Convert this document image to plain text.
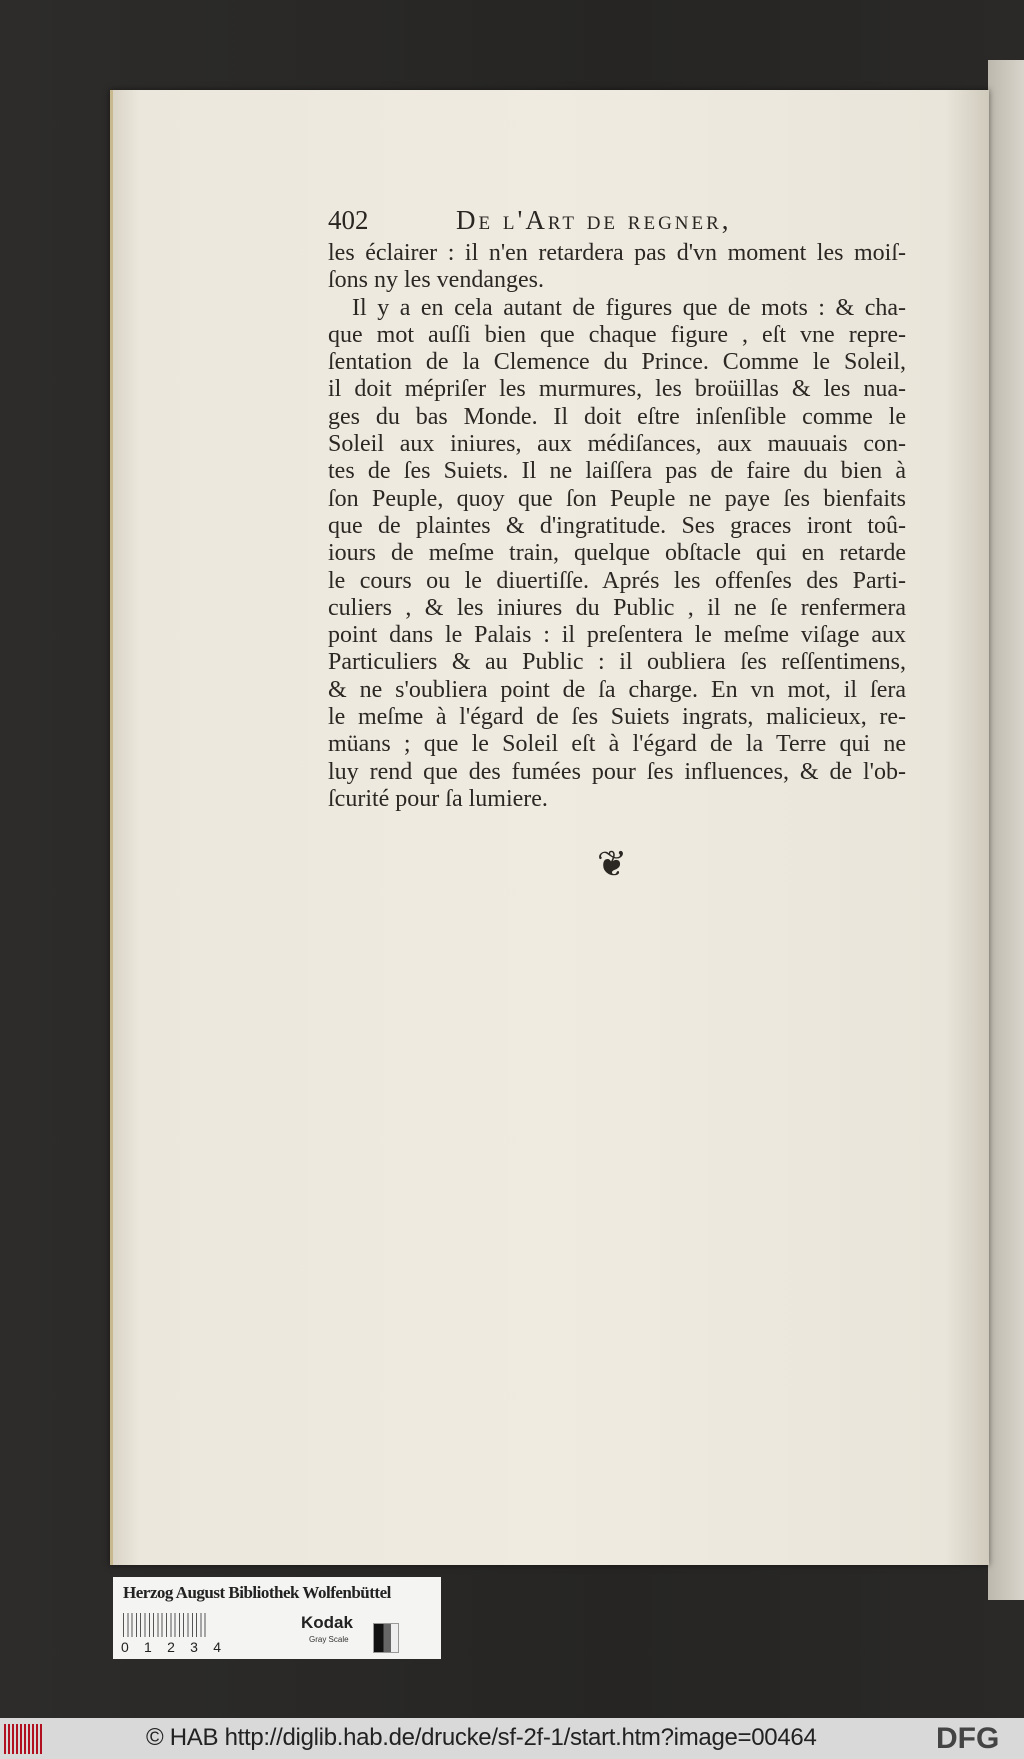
402	De l'Art de regner,
les éclairer : il n'en retardera pas d'vn moment les moiſ-
ſons ny les vendanges.
Il y a en cela autant de figures que de mots : & cha-
que mot auſſi bien que chaque figure , eſt vne repre-
ſentation de la Clemence du Prince. Comme le Soleil,
il doit mépriſer les murmures, les broüillas & les nua-
ges du bas Monde. Il doit eſtre inſenſible comme le
Soleil aux iniures, aux médiſances, aux mauuais con-
tes de ſes Suiets. Il ne laiſſera pas de faire du bien à
ſon Peuple, quoy que ſon Peuple ne paye ſes bienfaits
que de plaintes & d'ingratitude. Ses graces iront toû-
iours de meſme train, quelque obſtacle qui en retarde
le cours ou le diuertiſſe. Aprés les offenſes des Parti-
culiers , & les iniures du Public , il ne ſe renfermera
point dans le Palais : il preſentera le meſme viſage aux
Particuliers & au Public : il oubliera ſes reſſentimens,
& ne s'oubliera point de ſa charge. En vn mot, il ſera
le meſme à l'égard de ſes Suiets ingrats, malicieux, re-
müans ; que le Soleil eſt à l'égard de la Terre qui ne
luy rend que des fumées pour ſes influences, & de l'ob-
ſcurité pour ſa lumiere.
❦
Herzog August Bibliothek Wolfenbüttel
0 1 2 3 4
Kodak
Gray Scale
© HAB http://diglib.hab.de/drucke/sf-2f-1/start.htm?image=00464	DFG
